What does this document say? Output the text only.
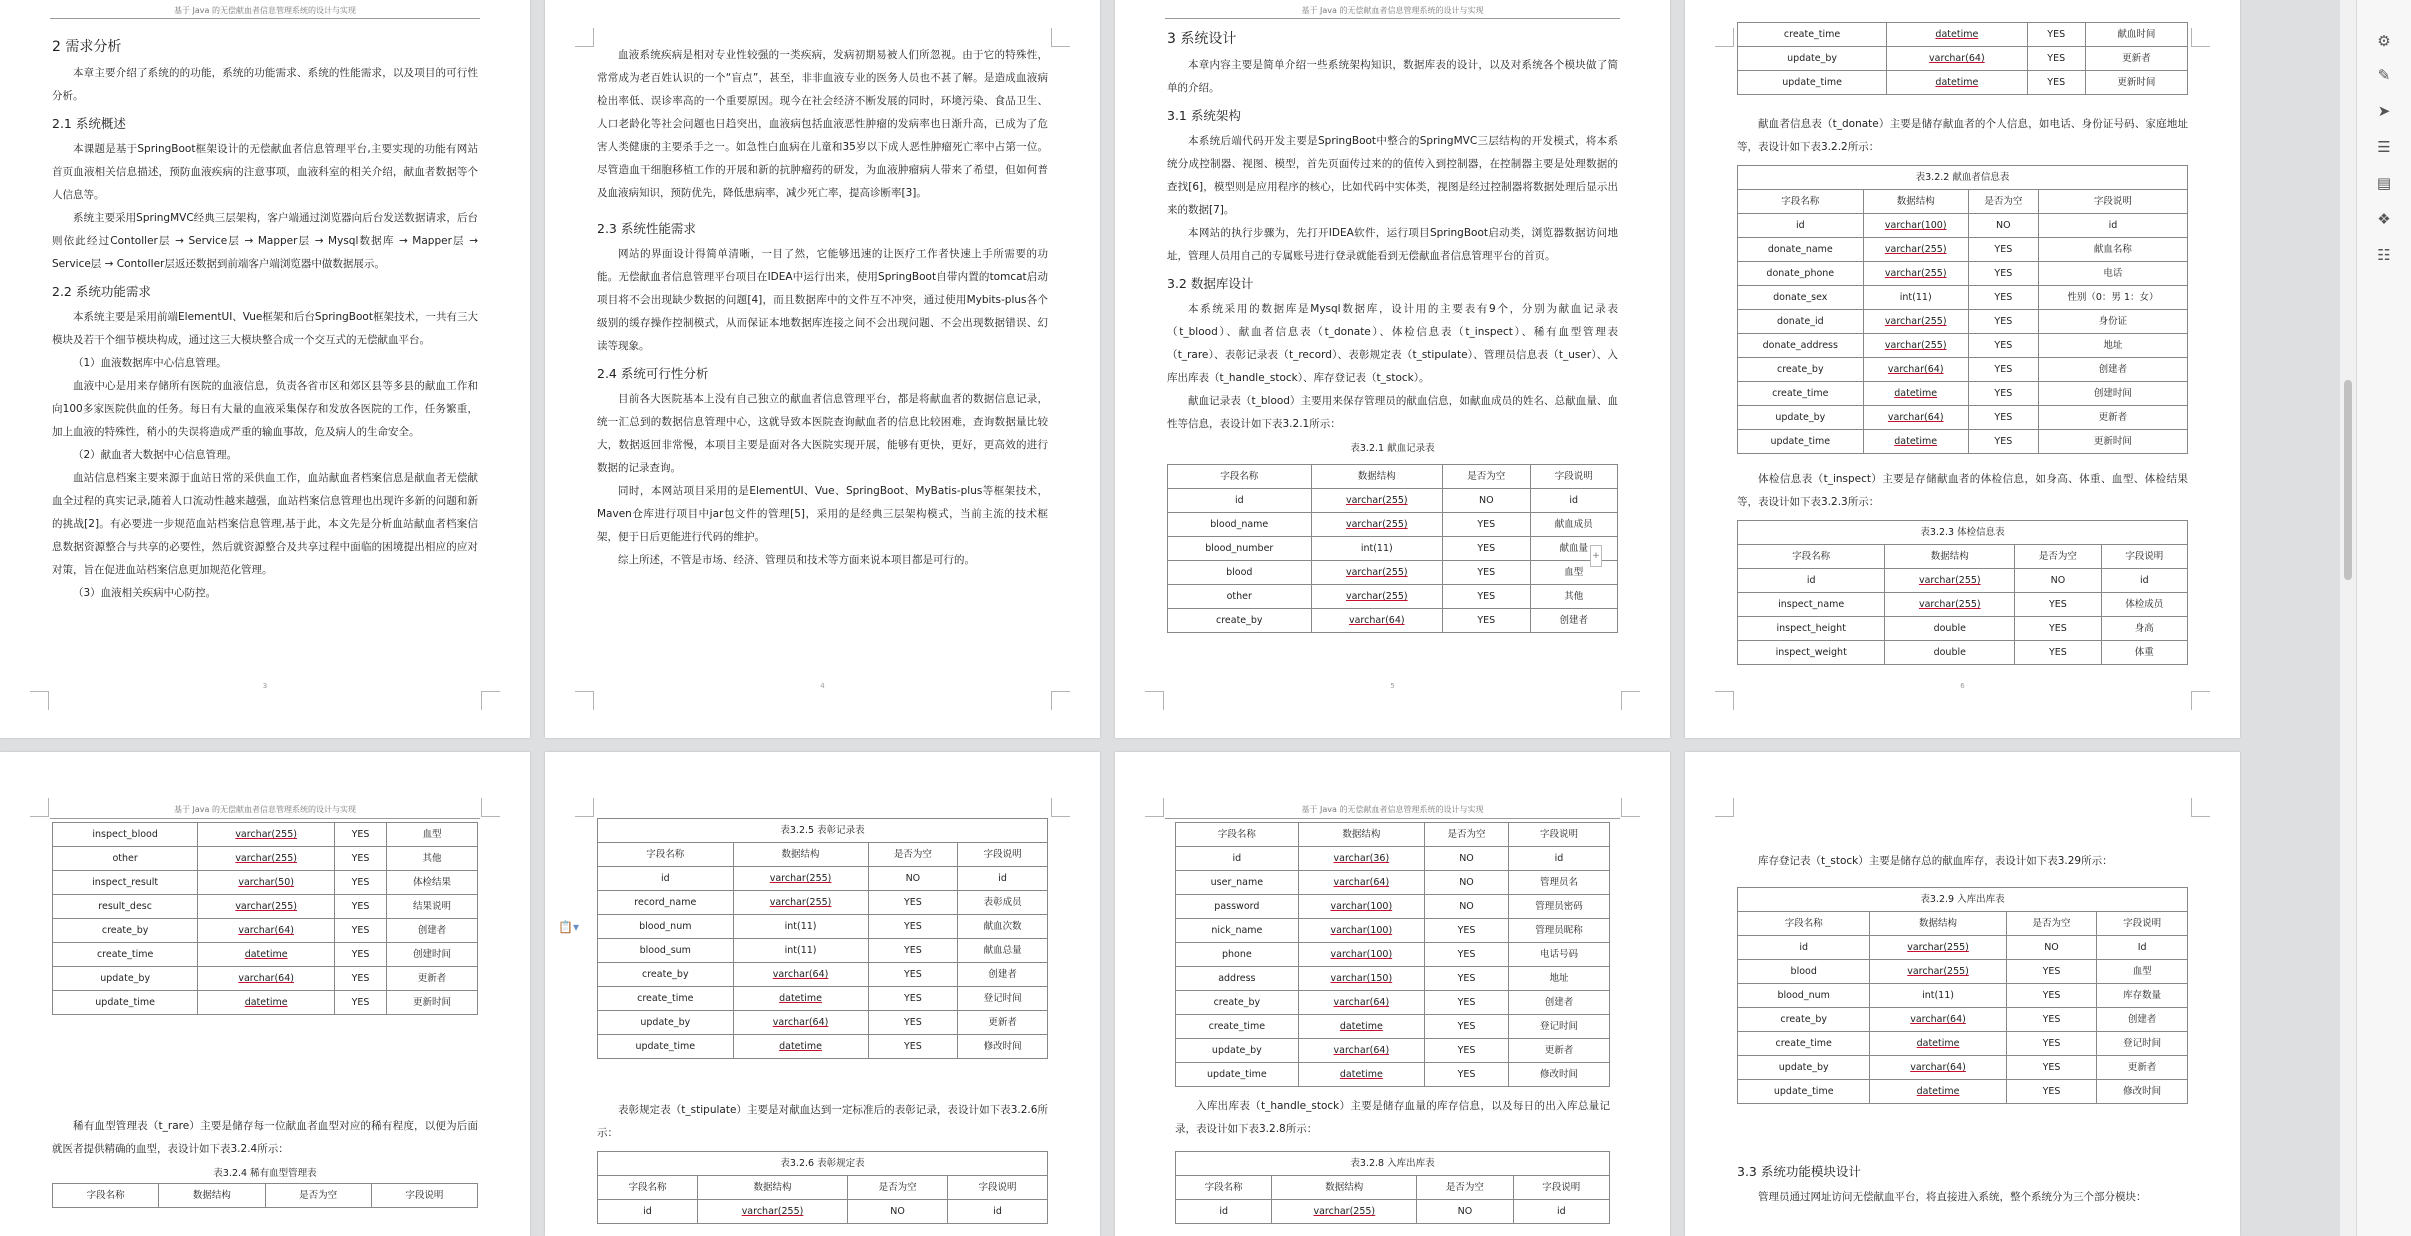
基于 Java 的无偿献血者信息管理系统的设计与实现
2 需求分析

本章主要介绍了系统的的功能，系统的功能需求、系统的性能需求，以及项目的可行性分析。

2.1 系统概述

本课题是基于SpringBoot框架设计的无偿献血者信息管理平台,主要实现的功能有网站首页血液相关信息描述，预防血液疾病的注意事项，血液科室的相关介绍，献血者数据等个人信息等。

系统主要采用SpringMVC经典三层架构，客户端通过浏览器向后台发送数据请求，后台则依此经过Contoller层 → Service层 → Mapper层 → Mysql数据库 → Mapper层 → Service层 → Contoller层返还数据到前端客户端浏览器中做数据展示。

2.2 系统功能需求

本系统主要是采用前端ElementUI、Vue框架和后台SpringBoot框架技术，一共有三大模块及若干个细节模块构成，通过这三大模块整合成一个交互式的无偿献血平台。

（1）血液数据库中心信息管理。

血液中心是用来存储所有医院的血液信息，负责各省市区和郊区县等多县的献血工作和向100多家医院供血的任务。每日有大量的血液采集保存和发放各医院的工作，任务繁重，加上血液的特殊性，稍小的失误将造成严重的输血事故，危及病人的生命安全。

（2）献血者大数据中心信息管理。

血站信息档案主要来源于血站日常的采供血工作，血站献血者档案信息是献血者无偿献血全过程的真实记录,随着人口流动性越来越强，血站档案信息管理也出现许多新的问题和新的挑战[2]。有必要进一步规范血站档案信息管理,基于此，本文先是分析血站献血者档案信息数据资源整合与共享的必要性，然后就资源整合及共享过程中面临的困境提出相应的应对对策，旨在促进血站档案信息更加规范化管理。

（3）血液相关疾病中心防控。

3

血液系统疾病是相对专业性较强的一类疾病，发病初期易被人们所忽视。由于它的特殊性，常常成为老百姓认识的一个“盲点”，甚至，非非血液专业的医务人员也不甚了解。是造成血液病检出率低、误诊率高的一个重要原因。现今在社会经济不断发展的同时，环境污染、食品卫生、人口老龄化等社会问题也日趋突出，血液病包括血液恶性肿瘤的发病率也日渐升高，已成为了危害人类健康的主要杀手之一。如急性白血病在儿童和35岁以下成人恶性肿瘤死亡率中占第一位。尽管造血干细胞移植工作的开展和新的抗肿瘤药的研发，为血液肿瘤病人带来了希望，但如何普及血液病知识，预防优先，降低患病率，减少死亡率，提高诊断率[3]。

2.3 系统性能需求

网站的界面设计得简单清晰，一目了然，它能够迅速的让医疗工作者快速上手所需要的功能。无偿献血者信息管理平台项目在IDEA中运行出来，使用SpringBoot自带内置的tomcat启动项目将不会出现缺少数据的问题[4]，而且数据库中的文件互不冲突，通过使用Mybits-plus各个级别的缓存操作控制模式，从而保证本地数据库连接之间不会出现问题、不会出现数据错误、幻读等现象。

2.4 系统可行性分析

目前各大医院基本上没有自己独立的献血者信息管理平台，都是将献血者的数据信息记录，统一汇总到的数据信息管理中心，这就导致本医院查询献血者的信息比较困难，查询数据量比较大，数据返回非常慢，本项目主要是面对各大医院实现开展，能够有更快，更好，更高效的进行数据的记录查询。

同时，本网站项目采用的是ElementUI、Vue、SpringBoot、MyBatis-plus等框架技术，Maven仓库进行项目中jar包文件的管理[5]，采用的是经典三层架构模式，当前主流的技术框架，便于日后更能进行代码的维护。

综上所述，不管是市场、经济、管理员和技术等方面来说本项目都是可行的。

4
基于 Java 的无偿献血者信息管理系统的设计与实现
3 系统设计

本章内容主要是简单介绍一些系统架构知识，数据库表的设计，以及对系统各个模块做了简单的介绍。

3.1 系统架构

本系统后端代码开发主要是SpringBoot中整合的SpringMVC三层结构的开发模式，将本系统分成控制器、视图、模型，首先页面传过来的的值传入到控制器，在控制器主要是处理数据的查找[6]，模型则是应用程序的核心，比如代码中实体类，视图是经过控制器将数据处理后显示出来的数据[7]。

本网站的执行步骤为，先打开IDEA软件，运行项目SpringBoot启动类，浏览器数据访问地址，管理人员用自己的专属账号进行登录就能看到无偿献血者信息管理平台的首页。

3.2 数据库设计

本系统采用的数据库是Mysql数据库，设计用的主要表有9个，分别为献血记录表（t_blood）、献血者信息表（t_donate）、体检信息表（t_inspect）、稀有血型管理表（t_rare）、表彰记录表（t_record）、表彰规定表（t_stipulate）、管理员信息表（t_user）、入库出库表（t_handle_stock）、库存登记表（t_stock）。

献血记录表（t_blood）主要用来保存管理员的献血信息，如献血成员的姓名、总献血量、血性等信息，表设计如下表3.2.1所示：

表3.2.1 献血记录表
字段名称	数据结构	是否为空	字段说明
id	varchar(255)	NO	id
blood_name	varchar(255)	YES	献血成员
blood_number	int(11)	YES	献血量
blood	varchar(255)	YES	血型
other	varchar(255)	YES	其他
create_by	varchar(64)	YES	创建者
5
+
create_time	datetime	YES	献血时间
update_by	varchar(64)	YES	更新者
update_time	datetime	YES	更新时间

献血者信息表（t_donate）主要是储存献血者的个人信息，如电话、身份证号码、家庭地址等，表设计如下表3.2.2所示：

表3.2.2 献血者信息表			
字段名称	数据结构	是否为空	字段说明
id	varchar(100)	NO	id
donate_name	varchar(255)	YES	献血名称
donate_phone	varchar(255)	YES	电话
donate_sex	int(11)	YES	性别（0：男 1：女）
donate_id	varchar(255)	YES	身份证
donate_address	varchar(255)	YES	地址
create_by	varchar(64)	YES	创建者
create_time	datetime	YES	创建时间
update_by	varchar(64)	YES	更新者
update_time	datetime	YES	更新时间

体检信息表（t_inspect）主要是存储献血者的体检信息，如身高、体重、血型、体检结果等，表设计如下表3.2.3所示：

表3.2.3 体检信息表			
字段名称	数据结构	是否为空	字段说明
id	varchar(255)	NO	id
inspect_name	varchar(255)	YES	体检成员
inspect_height	double	YES	身高
inspect_weight	double	YES	体重
6
基于 Java 的无偿献血者信息管理系统的设计与实现
inspect_blood	varchar(255)	YES	血型
other	varchar(255)	YES	其他
inspect_result	varchar(50)	YES	体检结果
result_desc	varchar(255)	YES	结果说明
create_by	varchar(64)	YES	创建者
create_time	datetime	YES	创建时间
update_by	varchar(64)	YES	更新者
update_time	datetime	YES	更新时间

稀有血型管理表（t_rare）主要是储存每一位献血者血型对应的稀有程度，以便为后面就医者提供精确的血型，表设计如下表3.2.4所示：

表3.2.4 稀有血型管理表
字段名称	数据结构	是否为空	字段说明
表3.2.5 表彰记录表			
字段名称	数据结构	是否为空	字段说明
id	varchar(255)	NO	id
record_name	varchar(255)	YES	表彰成员
blood_num	int(11)	YES	献血次数
blood_sum	int(11)	YES	献血总量
create_by	varchar(64)	YES	创建者
create_time	datetime	YES	登记时间
update_by	varchar(64)	YES	更新者
update_time	datetime	YES	修改时间

表彰规定表（t_stipulate）主要是对献血达到一定标准后的表彰记录，表设计如下表3.2.6所示：

表3.2.6 表彰规定表			
字段名称	数据结构	是否为空	字段说明
id	varchar(255)	NO	id
📋▾
基于 Java 的无偿献血者信息管理系统的设计与实现
字段名称	数据结构	是否为空	字段说明
id	varchar(36)	NO	id
user_name	varchar(64)	NO	管理员名
password	varchar(100)	NO	管理员密码
nick_name	varchar(100)	YES	管理员昵称
phone	varchar(100)	YES	电话号码
address	varchar(150)	YES	地址
create_by	varchar(64)	YES	创建者
create_time	datetime	YES	登记时间
update_by	varchar(64)	YES	更新者
update_time	datetime	YES	修改时间

入库出库表（t_handle_stock）主要是储存血量的库存信息，以及每日的出入库总量记录，表设计如下表3.2.8所示：

表3.2.8 入库出库表			
字段名称	数据结构	是否为空	字段说明
id	varchar(255)	NO	id

库存登记表（t_stock）主要是储存总的献血库存，表设计如下表3.29所示：

表3.2.9 入库出库表			
字段名称	数据结构	是否为空	字段说明
id	varchar(255)	NO	Id
blood	varchar(255)	YES	血型
blood_num	int(11)	YES	库存数量
create_by	varchar(64)	YES	创建者
create_time	datetime	YES	登记时间
update_by	varchar(64)	YES	更新者
update_time	datetime	YES	修改时间
3.3 系统功能模块设计

管理员通过网址访问无偿献血平台，将直接进入系统，整个系统分为三个部分模块：

⚙
✎
➤
☰
▤
❖
☷
